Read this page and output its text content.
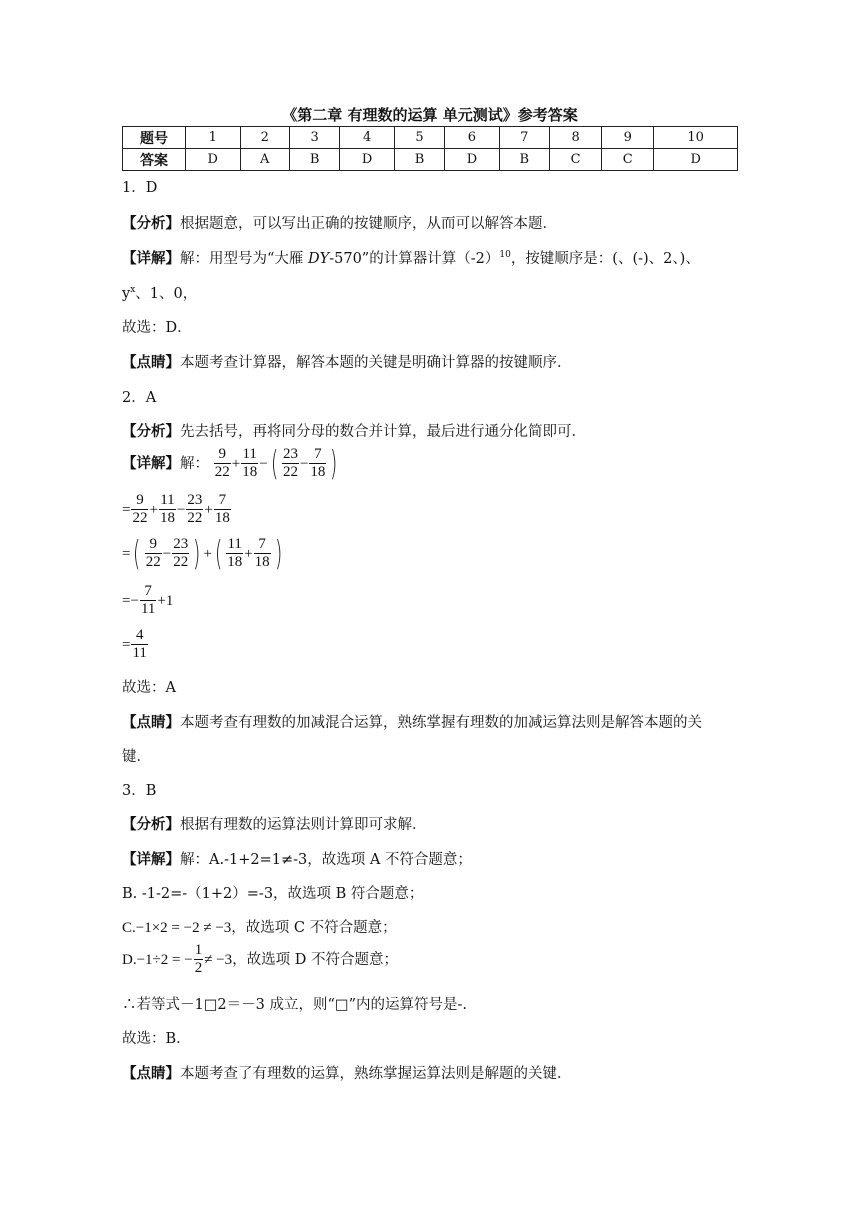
《第二章 有理数的运算 单元测试》参考答案
题号	1	2	3	4	5	6	7	8	9	10
答案	D	A	B	D	B	D	B	C	C	D
1．D
【分析】根据题意，可以写出正确的按键顺序，从而可以解答本题．
【详解】解：用型号为“大雁 DY-570”的计算器计算$(-2)^{10}$，按键顺序是：(、(-)、2、)、
$y^x$、1、0，
故选：D．
【点睛】本题考查计算器，解答本题的关键是明确计算器的按键顺序．
2．A
【分析】先去括号，再将同分母的数合并计算，最后进行通分化简即可．
【详解】解： $\frac{9}{22} + \frac{11}{18}$ −( $\frac{23}{22} - \frac{7}{18}$ )
= $\frac{9}{22} + \frac{11}{18} - \frac{23}{22} + \frac{7}{18}$
=( $\frac{9}{22} - \frac{23}{22}$ ) +( $\frac{11}{18} + \frac{7}{18}$ )
=− $\frac{7}{11} +1$
= $\frac{4}{11}$
故选：A
【点睛】本题考查有理数的加减混合运算，熟练掌握有理数的加减运算法则是解答本题的关
键．
3．B
【分析】根据有理数的运算法则计算即可求解．
【详解】解：A.-1+2=1≠-3，故选项 A 不符合题意；
B. -1-2=-（1+2）=-3，故选项 B 符合题意；
C.−1×2 = −2 ≠ −3，故选项 C 不符合题意；
D.−1÷2 = − $\frac{1}{2} \ne -3$，故选项 D 不符合题意；
∴若等式－1□2＝－3 成立，则“□”内的运算符号是-.
故选：B．
【点睛】本题考查了有理数的运算，熟练掌握运算法则是解题的关键．
